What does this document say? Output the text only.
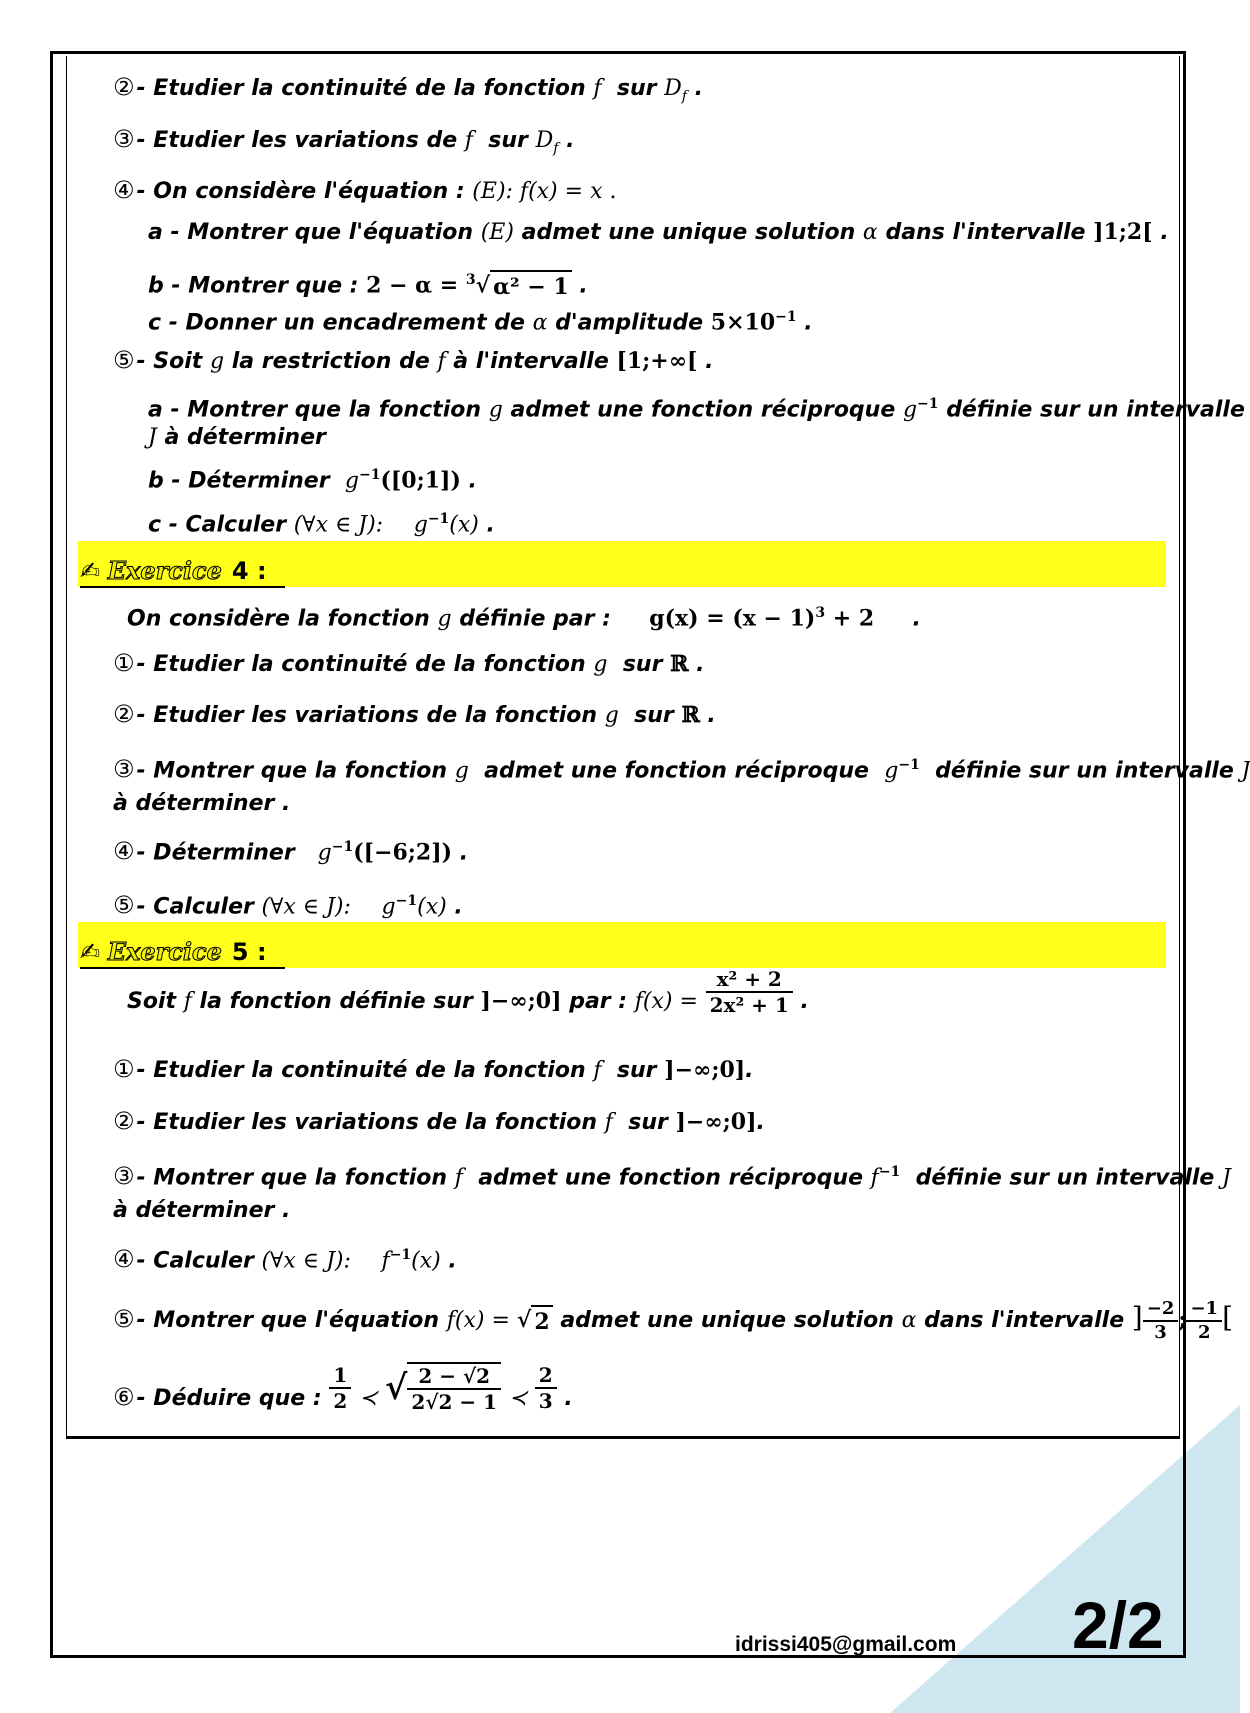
②- Etudier la continuité de la fonction f sur $D_f$ .
③- Etudier les variations de f sur $D_f$ .
④- On considère l'équation : (E): f(x) = x .
a - Montrer que l'équation (E) admet une unique solution α dans l'intervalle ]1;2[ .
b - Montrer que : 2 − α = $^3$√ α² − 1 .
c - Donner un encadrement de α d'amplitude $5\times 10^{-1}$ .
⑤- Soit g la restriction de f à l'intervalle [1;+∞[ .
a - Montrer que la fonction g admet une fonction réciproque $g^{-1}$ définie sur un intervalle
J à déterminer
b - Déterminer $g^{-1}([0;1])$ .
c - Calculer (∀x ∈ J): $g^{-1}(x)$ .
✍ Exercice 4 :
On considère la fonction g définie par : $g(x) = (x - 1)^3 + 2$ .
①- Etudier la continuité de la fonction g sur ℝ .
②- Etudier les variations de la fonction g sur ℝ .
③- Montrer que la fonction g admet une fonction réciproque $g^{-1}$ définie sur un intervalle J
à déterminer .
④- Déterminer $g^{-1}([-6;2])$ .
⑤- Calculer (∀x ∈ J): $g^{-1}(x)$ .
✍ Exercice 5 :
Soit f la fonction définie sur ]−∞;0] par : $f(x) = \frac{\text{x² + 2}}{\text{2x² + 1}}$ .
①- Etudier la continuité de la fonction f sur ]−∞;0].
②- Etudier les variations de la fonction f sur ]−∞;0].
③- Montrer que la fonction f admet une fonction réciproque $f^{-1}$ définie sur un intervalle J
à déterminer .
④- Calculer (∀x ∈ J): $f^{-1}(x)$ .
⑤- Montrer que l'équation f(x) = √ 2 admet une unique solution α dans l'intervalle ] $\frac{-2}{3}$ ; $\frac{-1}{2}$ [
⑥- Déduire que : $\frac{1}{2}$ ≺ √ $\frac{2 - √2}{2√2 - 1}$ ≺ $\frac{2}{3}$ .
idrissi405@gmail.com 2/2
